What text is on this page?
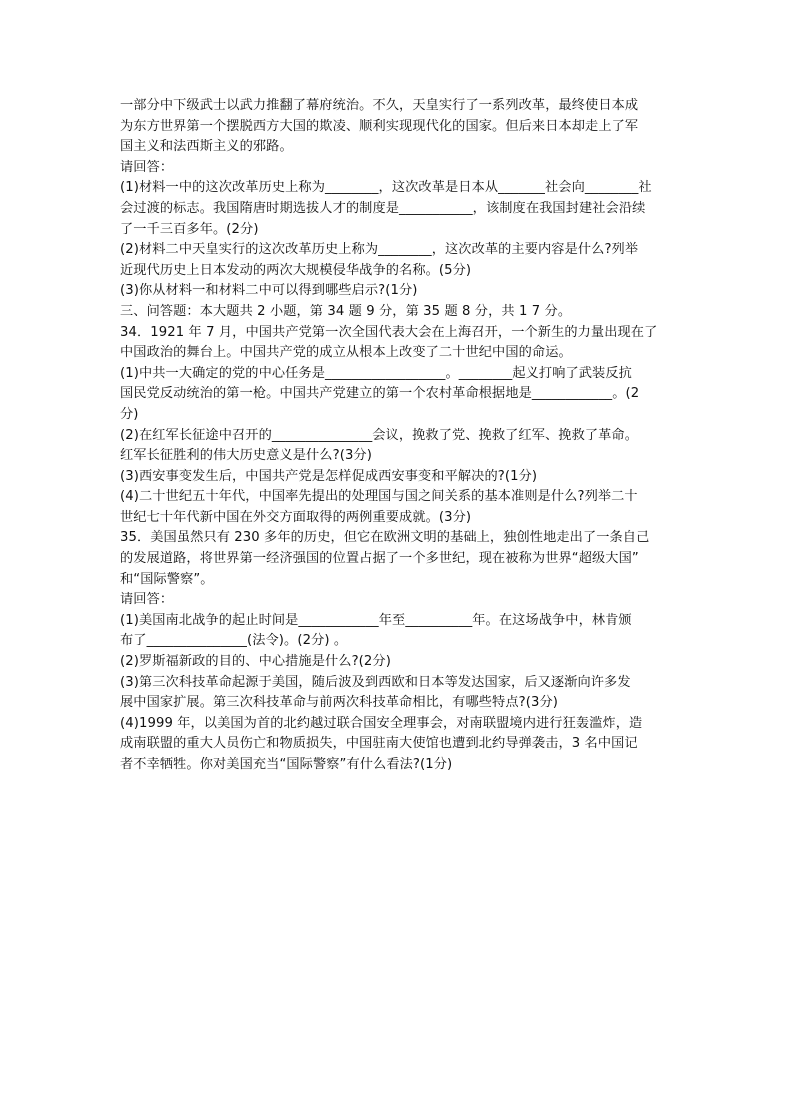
一部分中下级武士以武力推翻了幕府统治。不久，天皇实行了一系列改革，最终使日本成
为东方世界第一个摆脱西方大国的欺凌、顺利实现现代化的国家。但后来日本却走上了军
国主义和法西斯主义的邪路。
请回答：
(1)材料一中的这次改革历史上称为________，这次改革是日本从_______社会向________社
会过渡的标志。我国隋唐时期选拔人才的制度是___________，该制度在我国封建社会沿续
了一千三百多年。(2分)
(2)材料二中天皇实行的这次改革历史上称为________，这次改革的主要内容是什么?列举
近现代历史上日本发动的两次大规模侵华战争的名称。(5分)
(3)你从材料一和材料二中可以得到哪些启示?(1分)
三、问答题：本大题共 2 小题，第 34 题 9 分，第 35 题 8 分，共 1 7 分。
34．1921 年 7 月，中国共产党第一次全国代表大会在上海召开，一个新生的力量出现在了
中国政治的舞台上。中国共产党的成立从根本上改变了二十世纪中国的命运。
(1)中共一大确定的党的中心任务是__________________。________起义打响了武装反抗
国民党反动统治的第一枪。中国共产党建立的第一个农村革命根据地是____________。(2
分)
(2)在红军长征途中召开的_______________会议，挽救了党、挽救了红军、挽救了革命。
红军长征胜利的伟大历史意义是什么?(3分)
(3)西安事变发生后，中国共产党是怎样促成西安事变和平解决的?(1分)
(4)二十世纪五十年代，中国率先提出的处理国与国之间关系的基本准则是什么?列举二十
世纪七十年代新中国在外交方面取得的两例重要成就。(3分)
35．美国虽然只有 230 多年的历史，但它在欧洲文明的基础上，独创性地走出了一条自己
的发展道路，将世界第一经济强国的位置占据了一个多世纪，现在被称为世界“超级大国”
和“国际警察”。
请回答：
(1)美国南北战争的起止时间是____________年至__________年。在这场战争中，林肯颁
布了_______________(法令)。(2分) 。
(2)罗斯福新政的目的、中心措施是什么?(2分)
(3)第三次科技革命起源于美国，随后波及到西欧和日本等发达国家，后又逐渐向许多发
展中国家扩展。第三次科技革命与前两次科技革命相比，有哪些特点?(3分)
(4)1999 年，以美国为首的北约越过联合国安全理事会，对南联盟境内进行狂轰滥炸，造
成南联盟的重大人员伤亡和物质损失，中国驻南大使馆也遭到北约导弹袭击，3 名中国记
者不幸牺牲。你对美国充当“国际警察”有什么看法?(1分)
